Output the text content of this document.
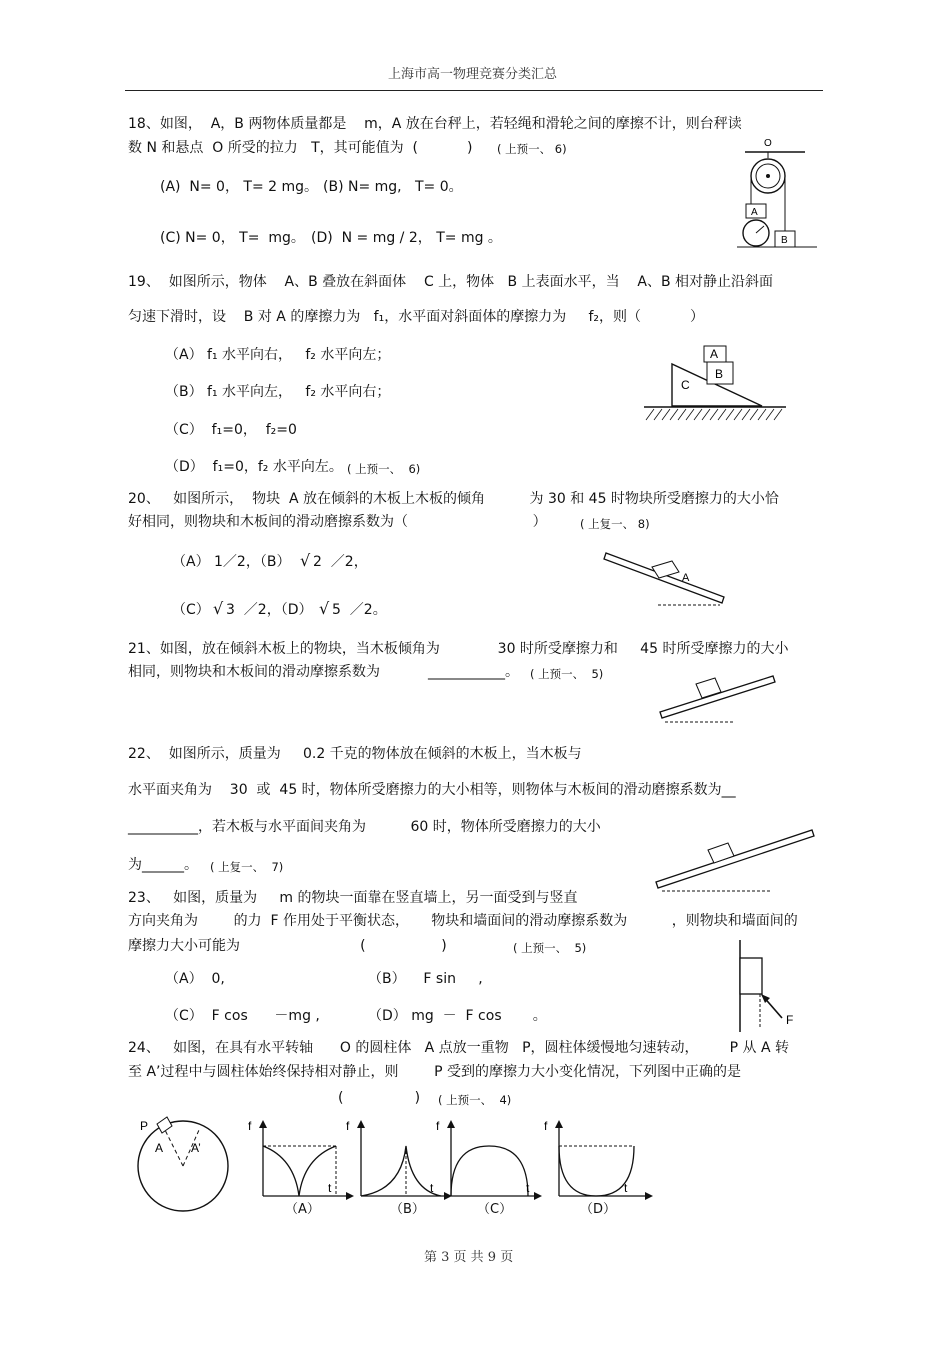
上海市高一物理竞赛分类汇总
18、如图，  A，B 两物体质量都是    m，A 放在台秤上，若轻绳和滑轮之间的摩擦不计，则台秤读
数 N 和悬点  O 所受的拉力   T，其可能值为  (           ) ( 上预一、 6)
(A)  N= 0， T= 2 mg。 (B) N= mg,   T= 0。
(C) N= 0， T=  mg。 (D)  N = mg / 2， T= mg 。
O
A
B
19、  如图所示，物体    A、B 叠放在斜面体    C 上，物体   B 上表面水平，当    A、B 相对静止沿斜面
匀速下滑时，设    B 对 A 的摩擦力为   f₁，水平面对斜面体的摩擦力为     f₂，则（           ）
（A） f₁ 水平向右，   f₂ 水平向左；
（B） f₁ 水平向左，   f₂ 水平向右；
（C）  f₁=0，  f₂=0
（D）  f₁=0，f₂ 水平向左。 ( 上预一、  6)
A
B
C
20、   如图所示，  物块  A 放在倾斜的木板上木板的倾角          为 30 和 45 时物块所受磨擦力的大小恰
好相同，则物块和木板间的滑动磨擦系数为（                            ）	( 上复一、 8)
（A） 1／2，（B） √ 2  ／2，
（C） √ 3  ／2，（D） √ 5  ／2。
A
21、如图，放在倾斜木板上的物块，当木板倾角为             30 时所受摩擦力和     45 时所受摩擦力的大小
相同，则物块和木板间的滑动摩擦系数为	___________。 ( 上预一、  5)
22、  如图所示，质量为     0.2 千克的物体放在倾斜的木板上，当木板与
水平面夹角为    30  或  45 时，物体所受磨擦力的大小相等，则物体与木板间的滑动磨擦系数为__
__________，若木板与水平面间夹角为          60 时，物体所受磨擦力的大小
为______。 ( 上复一、  7)
23、   如图，质量为     m 的物块一面靠在竖直墙上，另一面受到与竖直
方向夹角为        的力  F 作用处于平衡状态，     物块和墙面间的滑动摩擦系数为          ，则物块和墙面间的
摩擦力大小可能为                           (                 )	( 上预一、  5)
（A）  0,	（B）    F sin     ,
（C）  F cos      －mg ,	（D） mg  －  F cos       。	F
24、   如图，在具有水平转轴      O 的圆柱体   A 点放一重物   P，圆柱体缓慢地匀速转动，       P 从 A 转
至 A’过程中与圆柱体始终保持相对静止，则        P 受到的摩擦力大小变化情况，下列图中正确的是
(                ) ( 上预一、  4)
P
A A’
f
t
（A）
f
t
（B）
f
t
（C）
f
t
（D）
第 3 页 共 9 页
